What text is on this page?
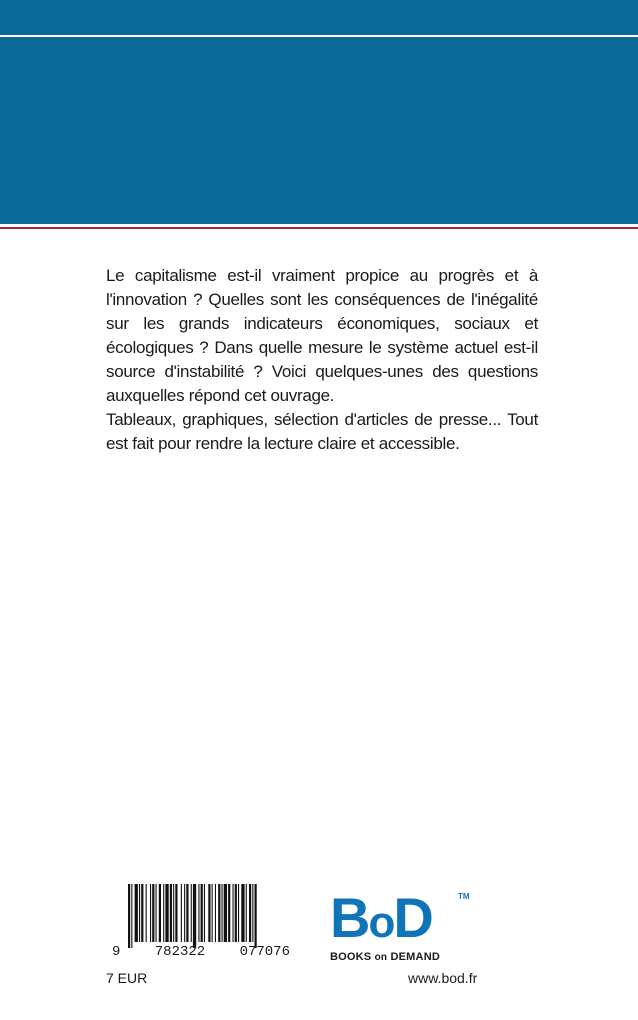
Le capitalisme est-il vraiment propice au progrès et à l'innovation ? Quelles sont les conséquences de l'inégalité sur les grands indicateurs économiques, sociaux et écologiques ? Dans quelle mesure le système actuel est-il source d'instabilité ? Voici quelques-unes des questions auxquelles répond cet ouvrage.

Tableaux, graphiques, sélection d'articles de presse... Tout est fait pour rendre la lecture claire et accessible.

9 782322 077076
7 EUR
BoD	TM
BOOKS on DEMAND
www.bod.fr
